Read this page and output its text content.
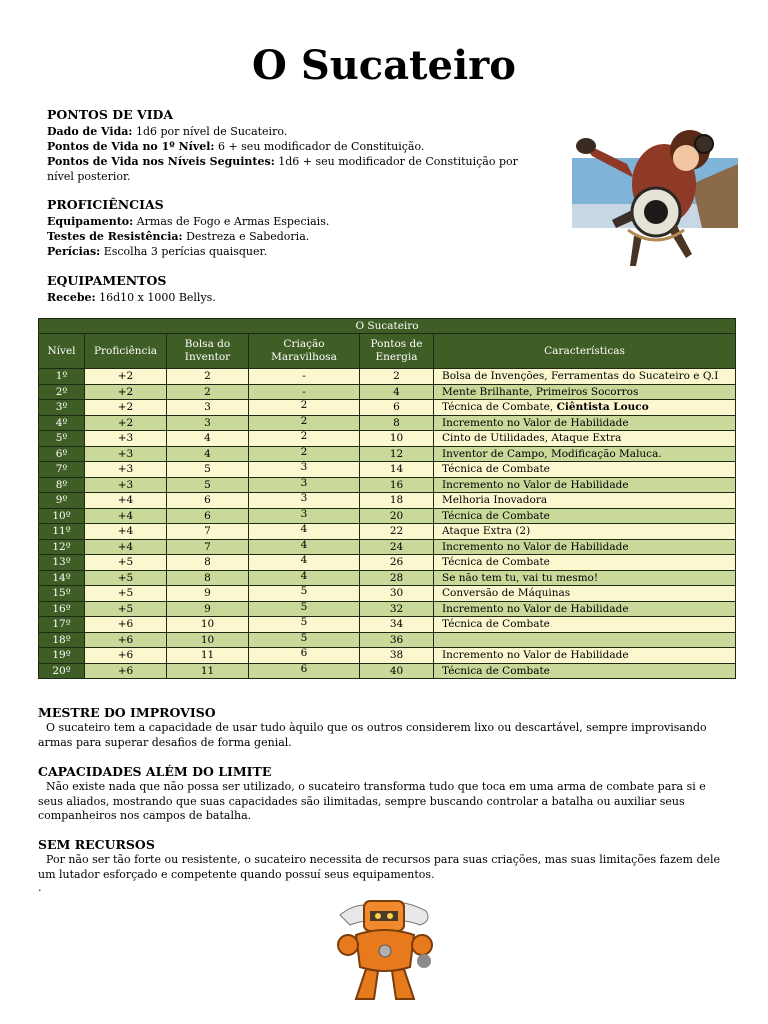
O Sucateiro
PONTOS DE VIDA
Dado de Vida: 1d6 por nível de Sucateiro.
Pontos de Vida no 1º Nível: 6 + seu modificador de Constituição.
Pontos de Vida nos Níveis Seguintes: 1d6 + seu modificador de Constituição por nível posterior.
PROFICIÊNCIAS
Equipamento: Armas de Fogo e Armas Especiais.
Testes de Resistência: Destreza e Sabedoria.
Perícias: Escolha 3 perícias quaisquer.
EQUIPAMENTOS
Recebe: 16d10 x 1000 Bellys.
O Sucateiro					
Nível	Proficiência	Bolsa do Inventor	Criação Maravilhosa	Pontos de Energia	Características
1º	+2	2	-	2	Bolsa de Invenções, Ferramentas do Sucateiro e Q.I
2º	+2	2	-	4	Mente Brilhante, Primeiros Socorros
3º	+2	3	2	6	Técnica de Combate, Ciêntista Louco
4º	+2	3	2	8	Incremento no Valor de Habilidade
5º	+3	4	2	10	Cinto de Utilidades, Ataque Extra
6º	+3	4	2	12	Inventor de Campo, Modificação Maluca.
7º	+3	5	3	14	Técnica de Combate
8º	+3	5	3	16	Incremento no Valor de Habilidade
9º	+4	6	3	18	Melhoria Inovadora
10º	+4	6	3	20	Técnica de Combate
11º	+4	7	4	22	Ataque Extra (2)
12º	+4	7	4	24	Incremento no Valor de Habilidade
13º	+5	8	4	26	Técnica de Combate
14º	+5	8	4	28	Se não tem tu, vai tu mesmo!
15º	+5	9	5	30	Conversão de Máquinas
16º	+5	9	5	32	Incremento no Valor de Habilidade
17º	+6	10	5	34	Técnica de Combate
18º	+6	10	5	36	
19º	+6	11	6	38	Incremento no Valor de Habilidade
20º	+6	11	6	40	Técnica de Combate
MESTRE DO IMPROVISO
O sucateiro tem a capacidade de usar tudo àquilo que os outros considerem lixo ou descartável, sempre improvisando armas para superar desafios de forma genial.
CAPACIDADES ALÉM DO LIMITE
Não existe nada que não possa ser utilizado, o sucateiro transforma tudo que toca em uma arma de combate para si e seus aliados, mostrando que suas capacidades são ilimitadas, sempre buscando controlar a batalha ou auxiliar seus companheiros nos campos de batalha.
SEM RECURSOS
Por não ser tão forte ou resistente, o sucateiro necessita de recursos para suas criações, mas suas limitações fazem dele um lutador esforçado e competente quando possuí seus equipamentos.
.
